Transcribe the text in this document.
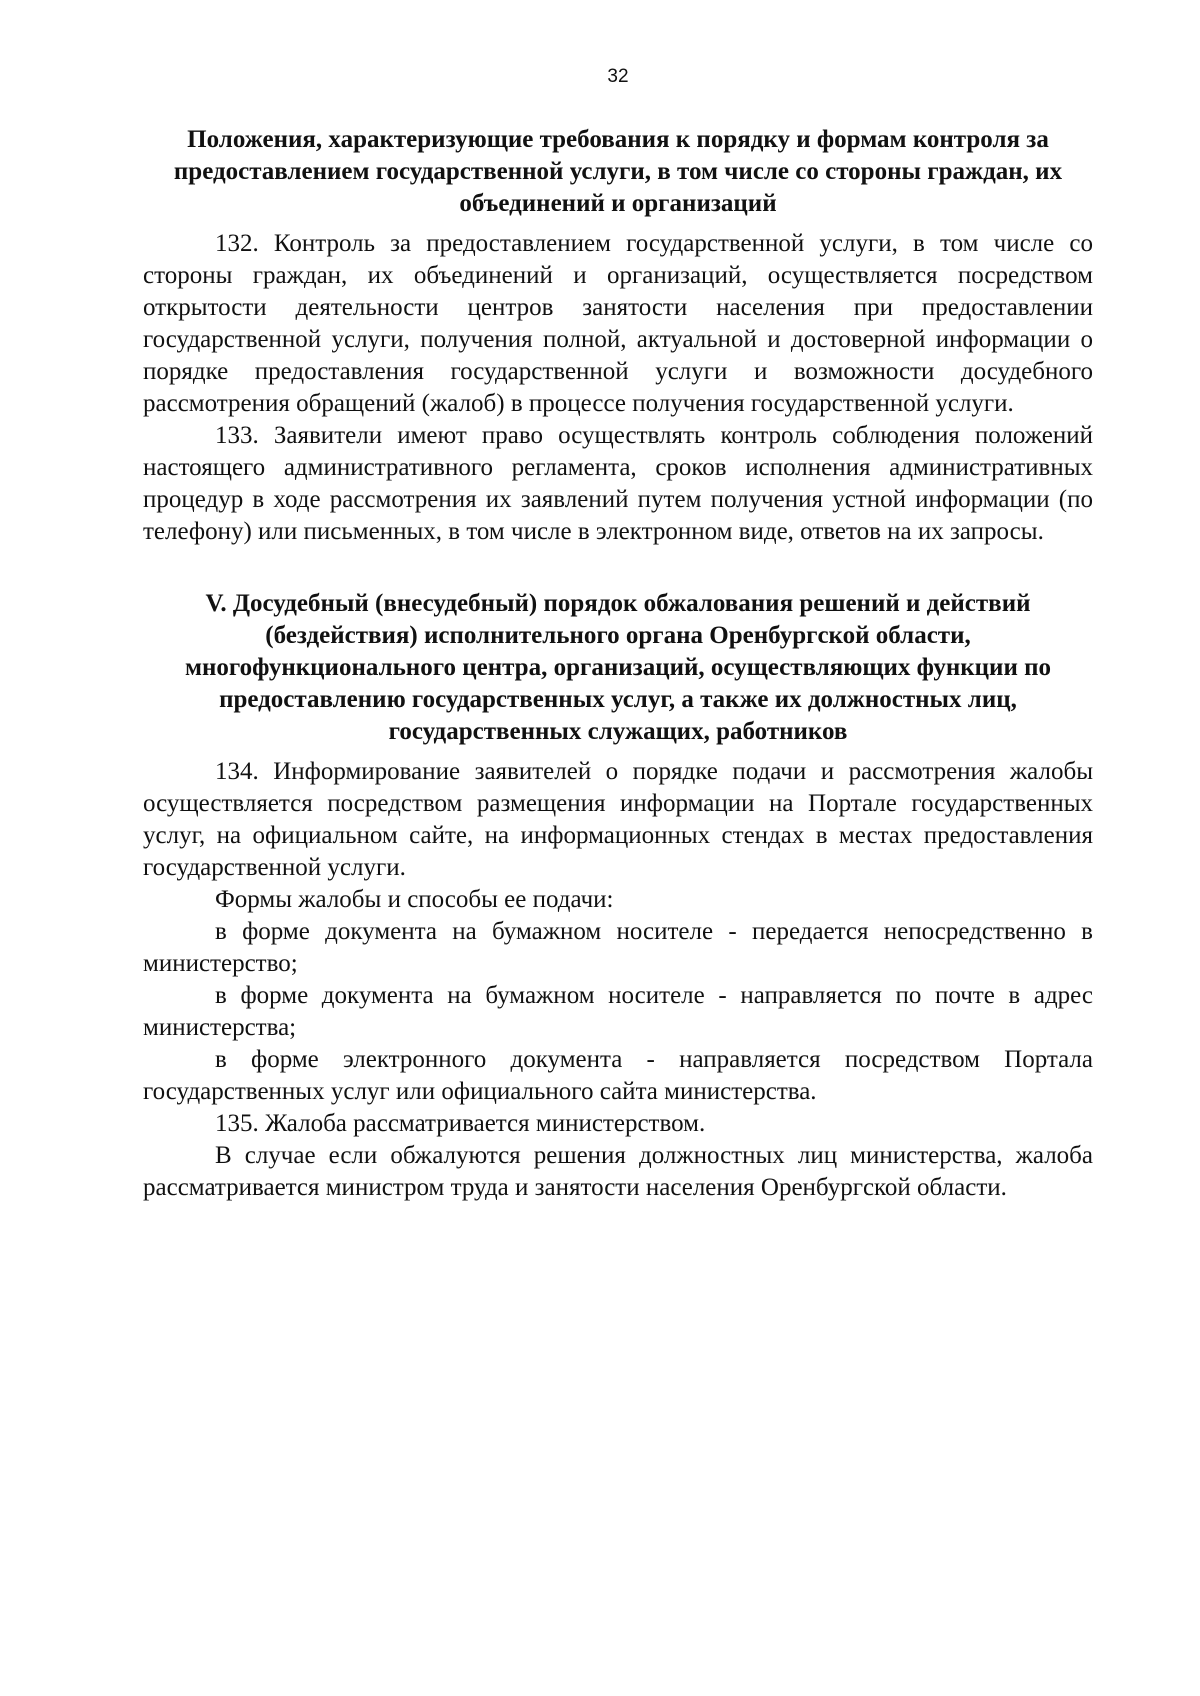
32

Положения, характеризующие требования к порядку и формам контроля за предоставлением государственной услуги, в том числе со стороны граждан, их объединений и организаций

132. Контроль за предоставлением государственной услуги, в том числе со стороны граждан, их объединений и организаций, осуществляется посредством открытости деятельности центров занятости населения при предоставлении государственной услуги, получения полной, актуальной и достоверной информации о порядке предоставления государственной услуги и возможности досудебного рассмотрения обращений (жалоб) в процессе получения государственной услуги.

133. Заявители имеют право осуществлять контроль соблюдения положений настоящего административного регламента, сроков исполнения административных процедур в ходе рассмотрения их заявлений путем получения устной информации (по телефону) или письменных, в том числе в электронном виде, ответов на их запросы.

V. Досудебный (внесудебный) порядок обжалования решений и действий (бездействия) исполнительного органа Оренбургской области, многофункционального центра, организаций, осуществляющих функции по предоставлению государственных услуг, а также их должностных лиц, государственных служащих, работников

134. Информирование заявителей о порядке подачи и рассмотрения жалобы осуществляется посредством размещения информации на Портале государственных услуг, на официальном сайте, на информационных стендах в местах предоставления государственной услуги.

Формы жалобы и способы ее подачи:

в форме документа на бумажном носителе - передается непосредственно в министерство;

в форме документа на бумажном носителе - направляется по почте в адрес министерства;

в форме электронного документа - направляется посредством Портала государственных услуг или официального сайта министерства.

135. Жалоба рассматривается министерством.

В случае если обжалуются решения должностных лиц министерства, жалоба рассматривается министром труда и занятости населения Оренбургской области.
